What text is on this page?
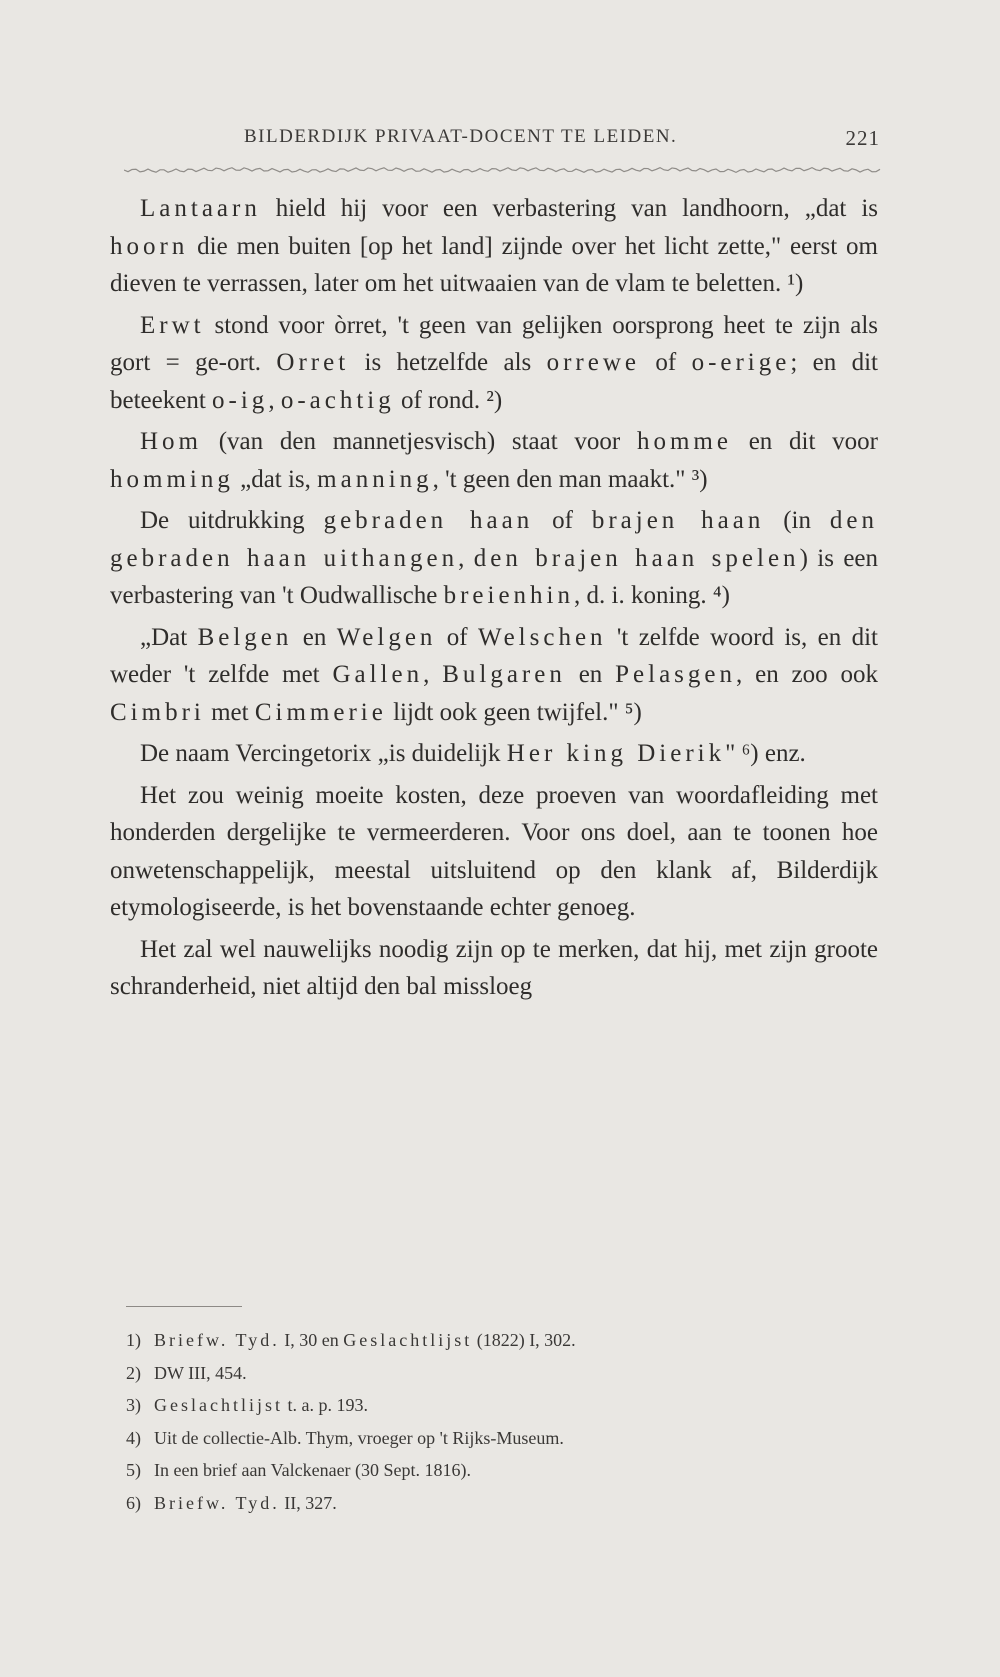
BILDERDIJK PRIVAAT-DOCENT TE LEIDEN.	221

Lantaarn hield hij voor een verbastering van landhoorn, „dat is hoorn die men buiten [op het land] zijnde over het licht zette," eerst om dieven te verrassen, later om het uitwaaien van de vlam te beletten. ¹)

Erwt stond voor òrret, 't geen van gelijken oorsprong heet te zijn als gort = ge-ort. Orret is hetzelfde als orrewe of o-erige; en dit beteekent o-ig, o-achtig of rond. ²)

Hom (van den mannetjesvisch) staat voor homme en dit voor homming „dat is, manning, 't geen den man maakt." ³)

De uitdrukking gebraden haan of brajen haan (in den gebraden haan uithangen, den brajen haan spelen) is een verbastering van 't Oudwallische breienhin, d. i. koning. ⁴)

„Dat Belgen en Welgen of Welschen 't zelfde woord is, en dit weder 't zelfde met Gallen, Bulgaren en Pelasgen, en zoo ook Cimbri met Cimmerie lijdt ook geen twijfel." ⁵)

De naam Vercingetorix „is duidelijk Her king Dierik" ⁶) enz.

Het zou weinig moeite kosten, deze proeven van woordafleiding met honderden dergelijke te vermeerderen. Voor ons doel, aan te toonen hoe onwetenschappelijk, meestal uitsluitend op den klank af, Bilderdijk etymologiseerde, is het bovenstaande echter genoeg.

Het zal wel nauwelijks noodig zijn op te merken, dat hij, met zijn groote schranderheid, niet altijd den bal missloeg

1) Briefw. Tyd. I, 30 en Geslachtlijst (1822) I, 302.
2) DW III, 454.
3) Geslachtlijst t. a. p. 193.
4) Uit de collectie-Alb. Thym, vroeger op 't Rijks-Museum.
5) In een brief aan Valckenaer (30 Sept. 1816).
6) Briefw. Tyd. II, 327.
